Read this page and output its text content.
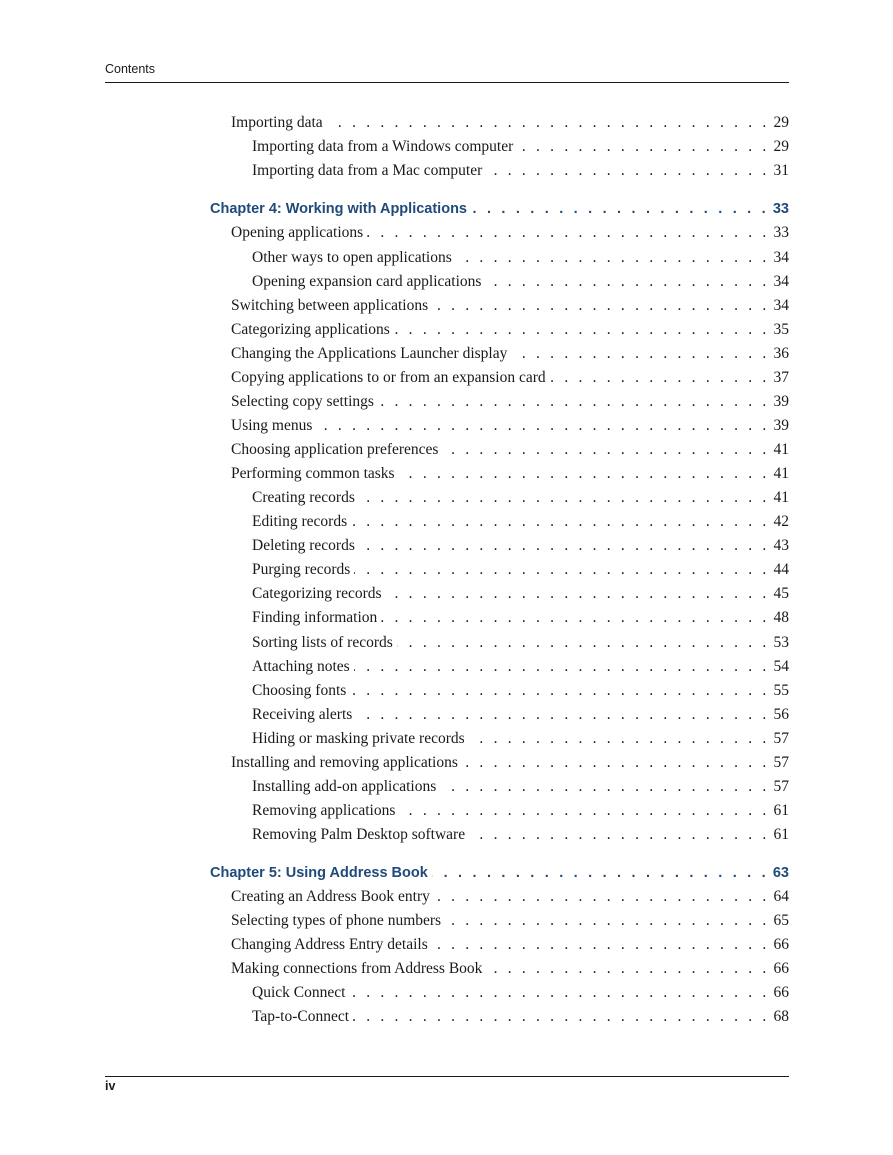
Contents
Importing data . . .	29
Importing data from a Windows computer . . .	29
Importing data from a Mac computer . . .	31
Chapter 4: Working with Applications . . .	33
Opening applications . . .	33
Other ways to open applications . . .	34
Opening expansion card applications . . .	34
Switching between applications . . .	34
Categorizing applications . . .	35
Changing the Applications Launcher display . . .	36
Copying applications to or from an expansion card . . .	37
Selecting copy settings . . .	39
Using menus . . .	39
Choosing application preferences . . .	41
Performing common tasks . . .	41
Creating records . . .	41
Editing records . . .	42
Deleting records . . .	43
Purging records . . .	44
Categorizing records . . .	45
Finding information . . .	48
Sorting lists of records . . .	53
Attaching notes . . .	54
Choosing fonts . . .	55
Receiving alerts . . .	56
Hiding or masking private records . . .	57
Installing and removing applications . . .	57
Installing add-on applications . . .	57
Removing applications . . .	61
Removing Palm Desktop software . . .	61
Chapter 5: Using Address Book . . .	63
Creating an Address Book entry . . .	64
Selecting types of phone numbers . . .	65
Changing Address Entry details . . .	66
Making connections from Address Book . . .	66
Quick Connect . . .	66
Tap-to-Connect . . .	68
iv
